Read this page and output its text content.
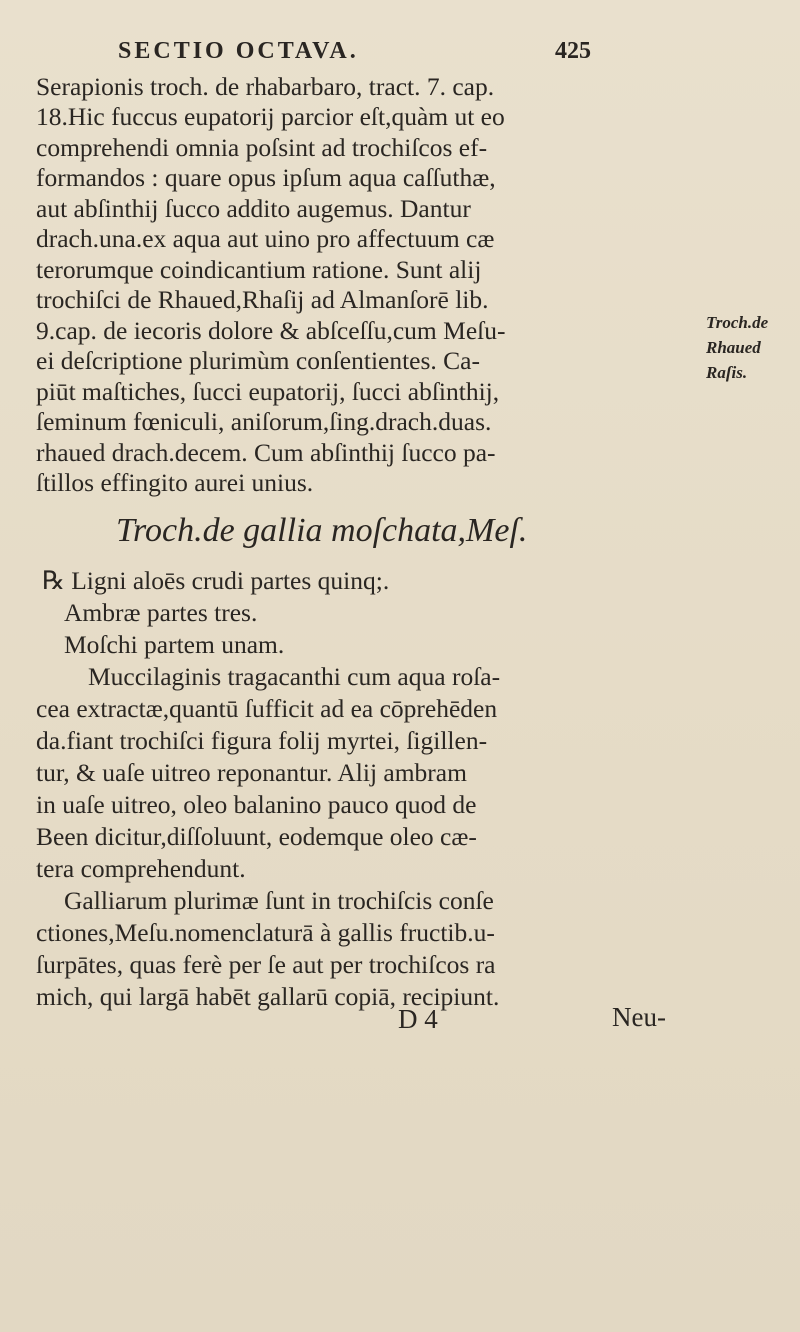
SECTIO OCTAVA.	425
Serapionis troch. de rhabarbaro, tract. 7. cap.
18.Hic fuccus eupatorij parcior eſt,quàm ut eo
comprehendi omnia poſsint ad trochiſcos ef-
formandos : quare opus ipſum aqua caſſuthæ,
aut abſinthij ſucco addito augemus. Dantur
drach.una.ex aqua aut uino pro affectuum cæ
terorumque coindicantium ratione. Sunt alij
trochiſci de Rhaued,Rhaſij ad Almanſorē lib.
9.cap. de iecoris dolore & abſceſſu,cum Meſu-
ei deſcriptione plurimùm conſentientes. Ca-
piūt maſtiches, ſucci eupatorij, ſucci abſinthij,
ſeminum fœniculi, aniſorum,ſing.drach.duas.
rhaued drach.decem. Cum abſinthij ſucco pa-
ſtillos effingito aurei unius.
Troch.de gallia moſchata,Meſ.
℞ Ligni aloēs crudi partes quinq;.
Ambræ partes tres.
Moſchi partem unam.
Muccilaginis tragacanthi cum aqua roſa-
cea extractæ,quantū ſufficit ad ea cōprehēden
da.fiant trochiſci figura folij myrtei, ſigillen-
tur, & uaſe uitreo reponantur. Alij ambram
in uaſe uitreo, oleo balanino pauco quod de
Been dicitur,diſſoluunt, eodemque oleo cæ-
tera comprehendunt.
Galliarum plurimæ ſunt in trochiſcis conſe
ctiones,Meſu.nomenclaturā à gallis fructib.u-
ſurpātes, quas ferè per ſe aut per trochiſcos ra
mich, qui largā habēt gallarū copiā, recipiunt.
Troch.de
Rhaued
Raſis.
D 4	Neu-
